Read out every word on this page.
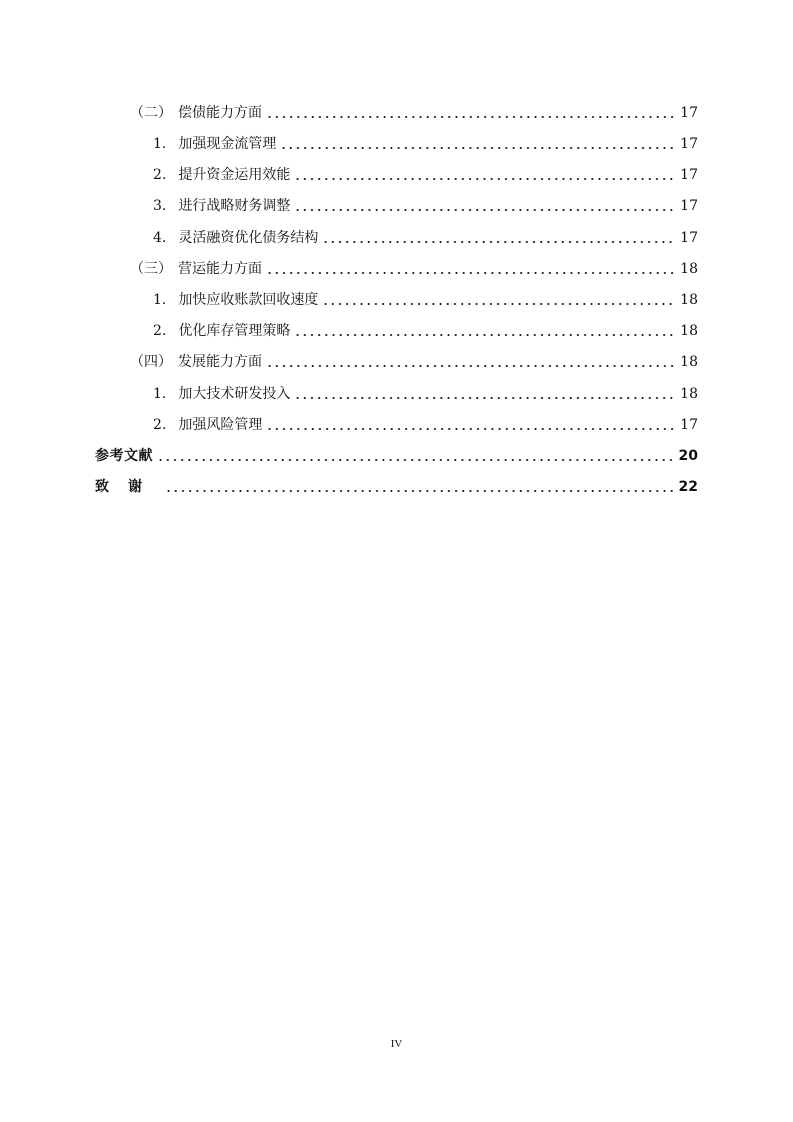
（二） 偿债能力方面	17
1. 加强现金流管理	17
2. 提升资金运用效能	17
3. 进行战略财务调整	17
4. 灵活融资优化债务结构	17
（三） 营运能力方面	18
1. 加快应收账款回收速度	18
2. 优化库存管理策略	18
（四） 发展能力方面	18
1. 加大技术研发投入	18
2. 加强风险管理	17
参考文献	20
致谢	22
IV
